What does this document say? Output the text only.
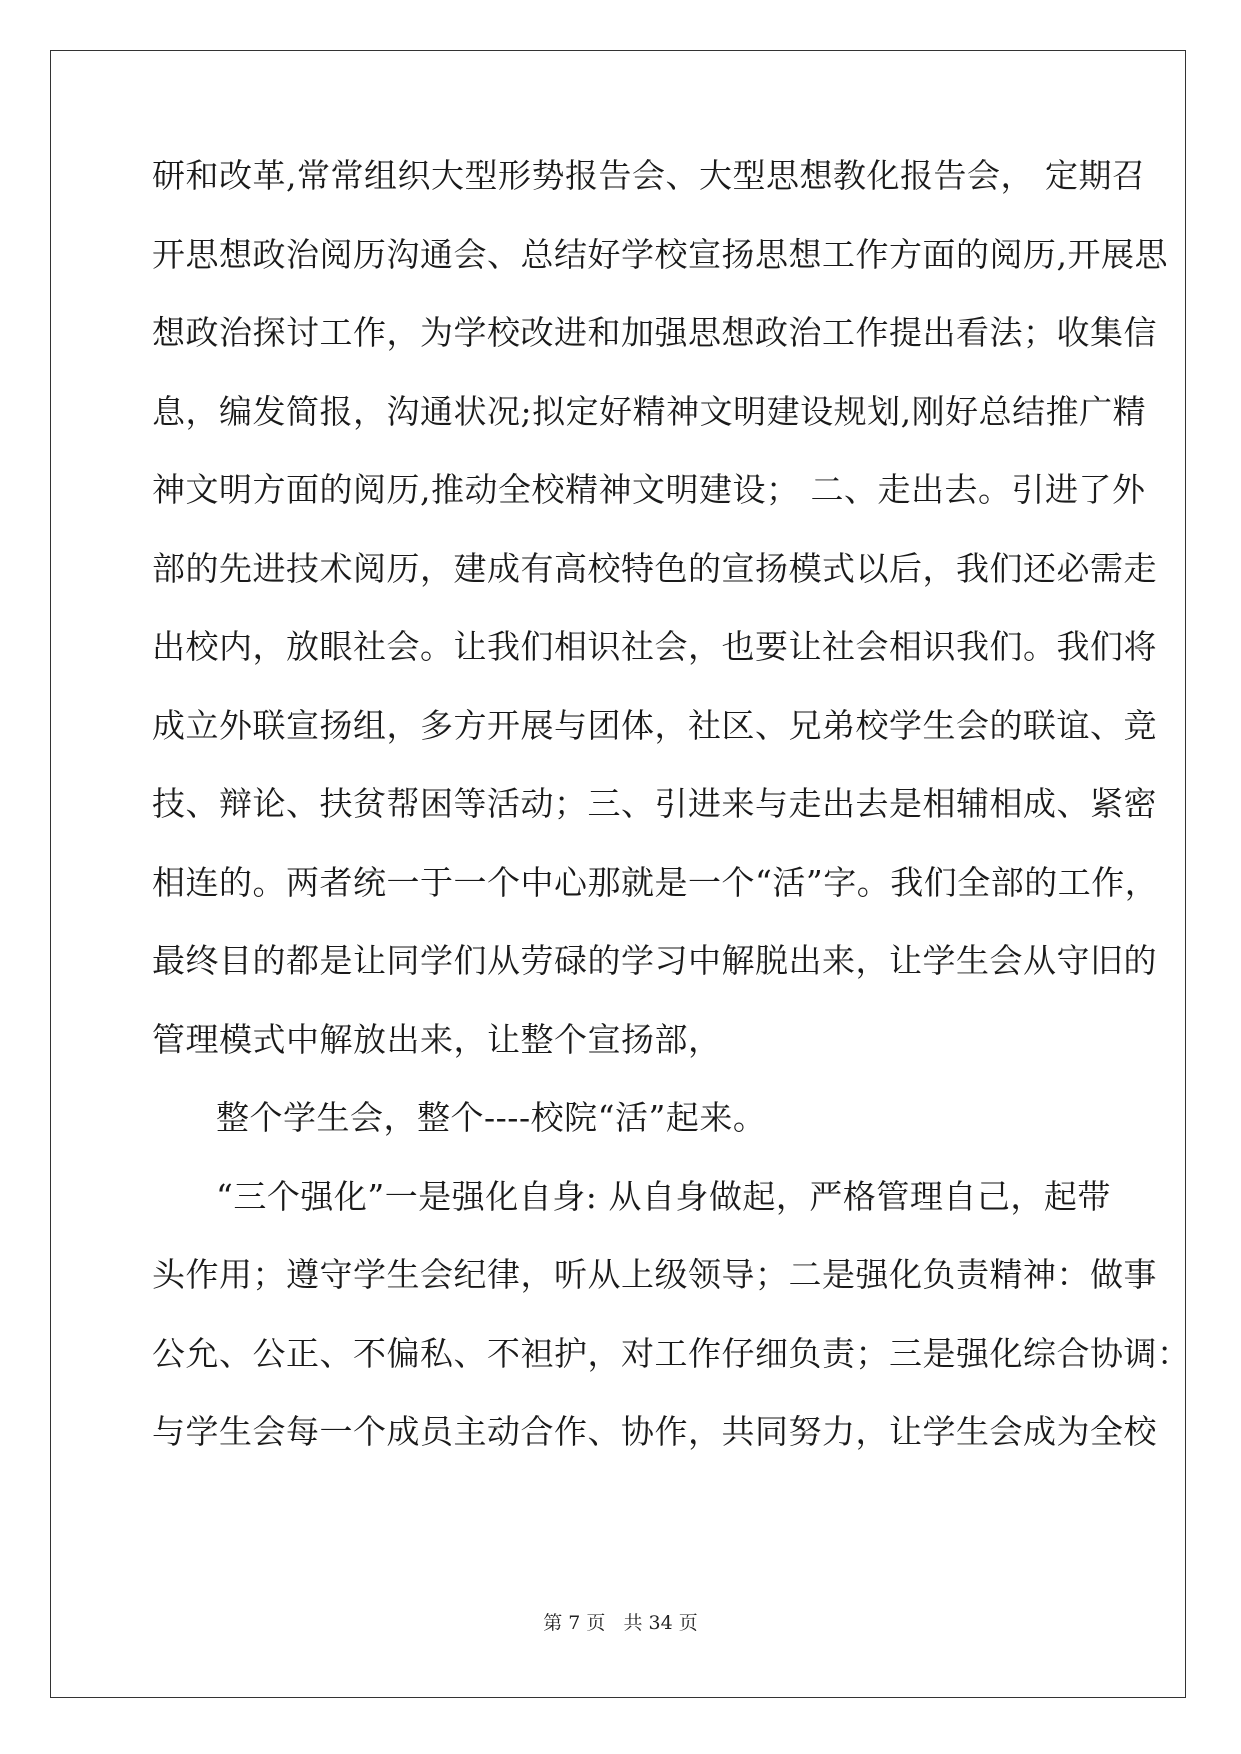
研和改革,常常组织大型形势报告会、大型思想教化报告会， 定期召
开思想政治阅历沟通会、总结好学校宣扬思想工作方面的阅历,开展思
想政治探讨工作，为学校改进和加强思想政治工作提出看法；收集信
息，编发简报，沟通状况;拟定好精神文明建设规划,刚好总结推广精
神文明方面的阅历,推动全校精神文明建设； 二、走出去。引进了外
部的先进技术阅历，建成有高校特色的宣扬模式以后，我们还必需走
出校内，放眼社会。让我们相识社会，也要让社会相识我们。我们将
成立外联宣扬组，多方开展与团体，社区、兄弟校学生会的联谊、竞
技、辩论、扶贫帮困等活动；三、引进来与走出去是相辅相成、紧密
相连的。两者统一于一个中心那就是一个“活”字。我们全部的工作，
最终目的都是让同学们从劳碌的学习中解脱出来，让学生会从守旧的
管理模式中解放出来，让整个宣扬部，
整个学生会，整个----校院“活”起来。
“三个强化”一是强化自身: 从自身做起，严格管理自己，起带
头作用；遵守学生会纪律，听从上级领导；二是强化负责精神：做事
公允、公正、不偏私、不袒护，对工作仔细负责；三是强化综合协调：
与学生会每一个成员主动合作、协作，共同努力，让学生会成为全校
第 7 页   共 34 页
